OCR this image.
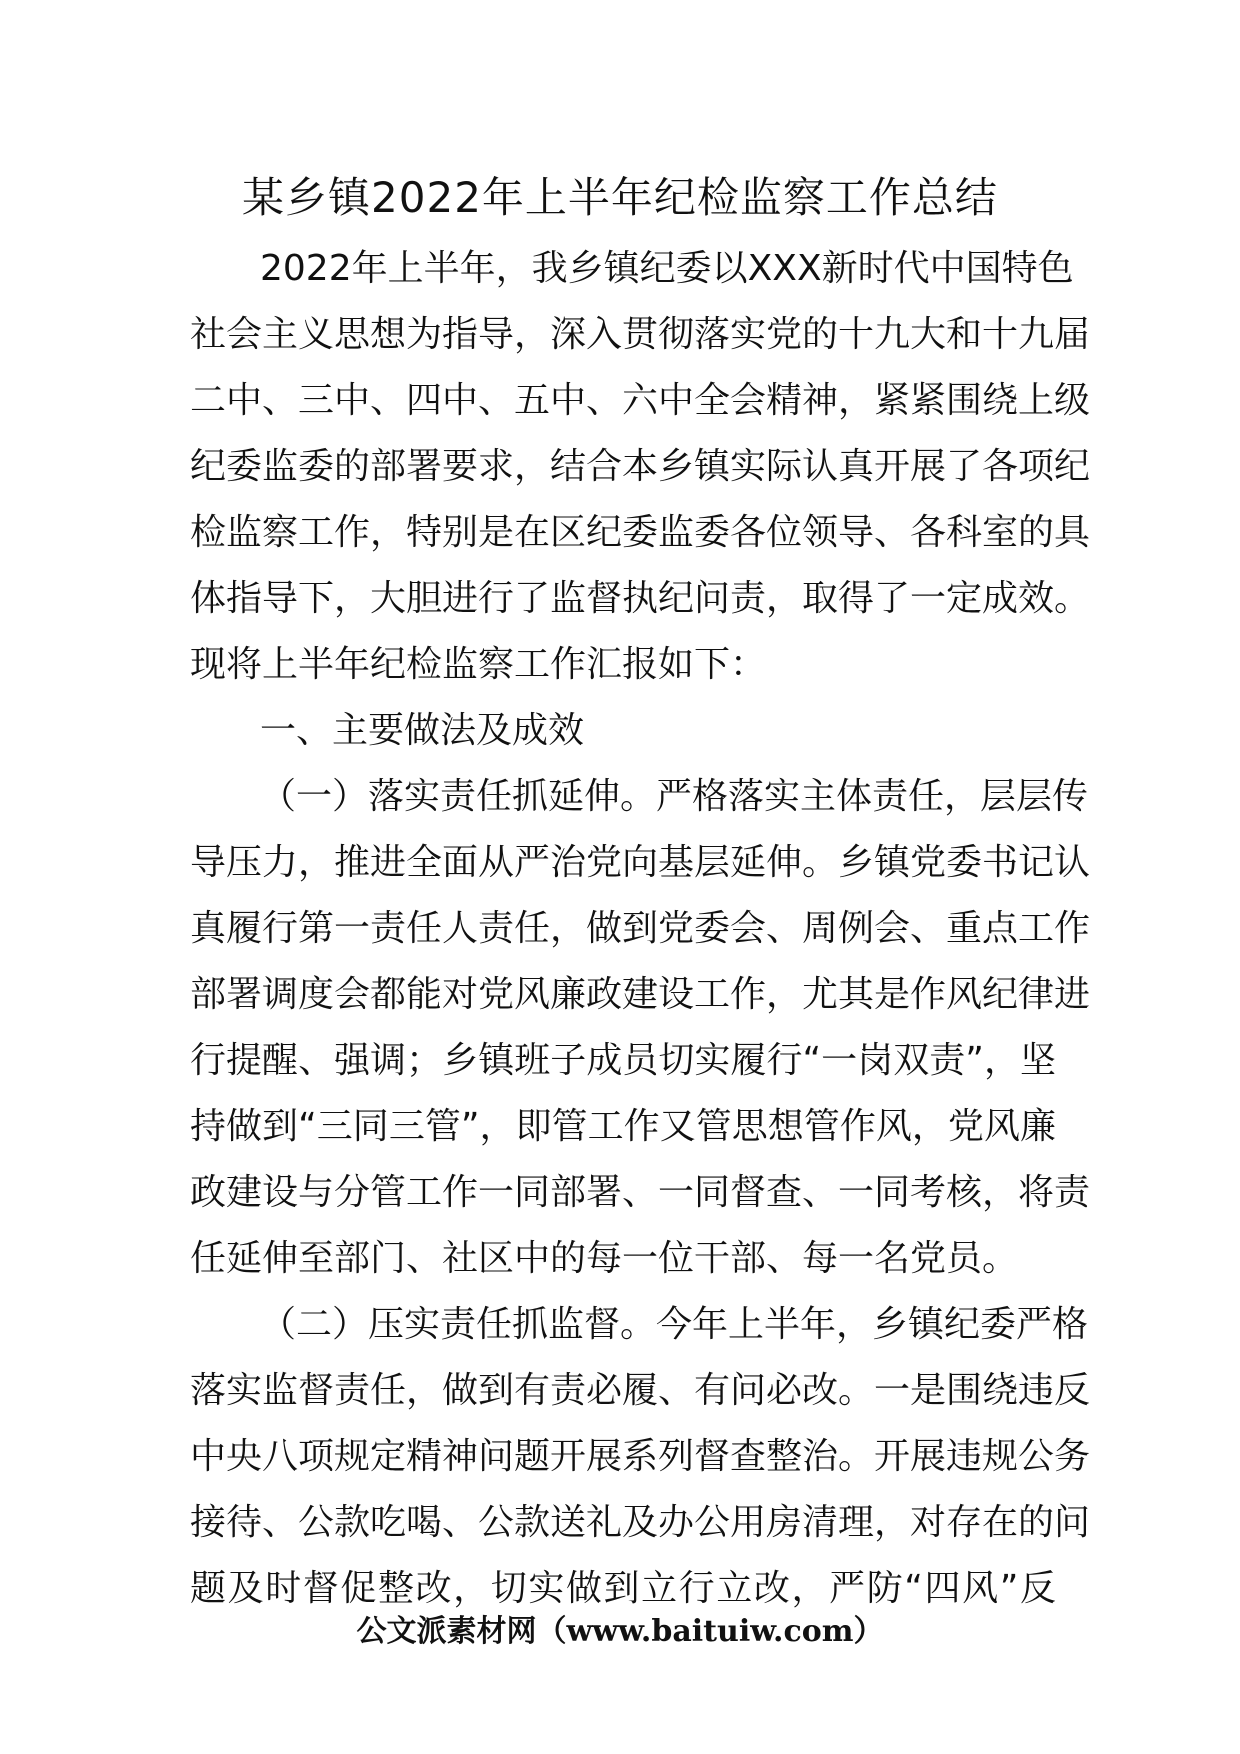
某乡镇2022年上半年纪检监察工作总结
2022年上半年，我乡镇纪委以XXX新时代中国特色
社会主义思想为指导，深入贯彻落实党的十九大和十九届
二中、三中、四中、五中、六中全会精神，紧紧围绕上级
纪委监委的部署要求，结合本乡镇实际认真开展了各项纪
检监察工作，特别是在区纪委监委各位领导、各科室的具
体指导下，大胆进行了监督执纪问责，取得了一定成效。
现将上半年纪检监察工作汇报如下：
一、主要做法及成效
（一）落实责任抓延伸。严格落实主体责任，层层传
导压力，推进全面从严治党向基层延伸。乡镇党委书记认
真履行第一责任人责任，做到党委会、周例会、重点工作
部署调度会都能对党风廉政建设工作，尤其是作风纪律进
行提醒、强调；乡镇班子成员切实履行“一岗双责”，坚
持做到“三同三管”，即管工作又管思想管作风，党风廉
政建设与分管工作一同部署、一同督查、一同考核，将责
任延伸至部门、社区中的每一位干部、每一名党员。
（二）压实责任抓监督。今年上半年，乡镇纪委严格
落实监督责任，做到有责必履、有问必改。一是围绕违反
中央八项规定精神问题开展系列督查整治。开展违规公务
接待、公款吃喝、公款送礼及办公用房清理，对存在的问
题及时督促整改，切实做到立行立改，严防“四风”反
公文派素材网（www.baituiw.com）
